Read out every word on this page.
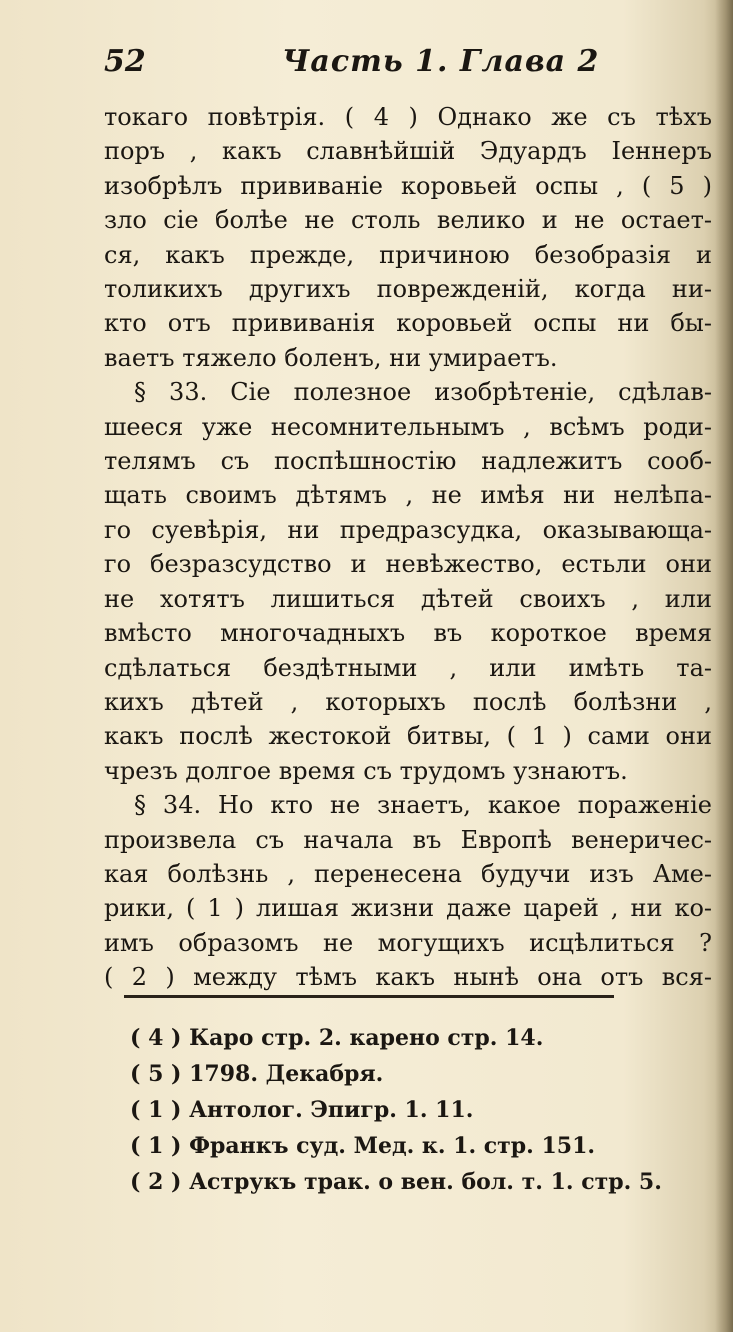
52	Часть 1. Глава 2
токаго повѣтрія. ( 4 ) Однако же съ тѣхъ
поръ , какъ славнѣйшій Эдуардъ Іеннеръ
изобрѣлъ прививаніе коровьей оспы , ( 5 )
зло сіе болѣе не столь велико и не остает-
ся, какъ прежде, причиною безобразія и
толикихъ другихъ поврежденій, когда ни-
кто отъ прививанія коровьей оспы ни бы-
ваетъ тяжело боленъ, ни умираетъ.
§ 33. Сіе полезное изобрѣтеніе, сдѣлав-
шееся уже несомнительнымъ , всѣмъ роди-
телямъ съ поспѣшностію надлежитъ сооб-
щать своимъ дѣтямъ , не имѣя ни нелѣпа-
го суевѣрія, ни предразсудка, оказывающа-
го безразсудство и невѣжество, естьли они
не хотятъ лишиться дѣтей своихъ , или
вмѣсто многочадныхъ въ короткое время
сдѣлаться бездѣтными , или имѣть та-
кихъ дѣтей , которыхъ послѣ болѣзни ,
какъ послѣ жестокой битвы, ( 1 ) сами они
чрезъ долгое время съ трудомъ узнаютъ.
§ 34. Но кто не знаетъ, какое пораженіе
произвела съ начала въ Европѣ венеричес-
кая болѣзнь , перенесена будучи изъ Аме-
рики, ( 1 ) лишая жизни даже царей , ни ко-
имъ образомъ не могущихъ исцѣлиться ?
( 2 ) между тѣмъ какъ нынѣ она отъ вся-
( 4 ) Каро стр. 2. карено стр. 14.
( 5 ) 1798. Декабря.
( 1 ) Антолог. Эпигр. 1. 11.
( 1 ) Франкъ суд. Мед. к. 1. стр. 151.
( 2 ) Аструкъ трак. о вен. бол. т. 1. стр. 5.
